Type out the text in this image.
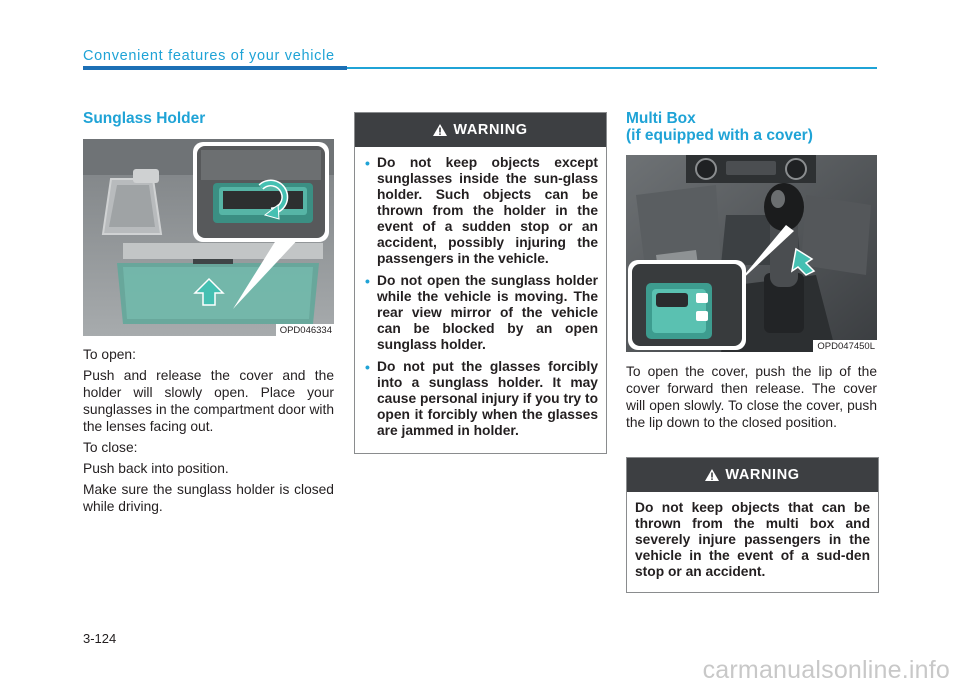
Convenient features of your vehicle
Sunglass Holder
OPD046334

To open:

Push and release the cover and the holder will slowly open. Place your sunglasses in the compartment door with the lenses facing out.

To close:

Push back into position.

Make sure the sunglass holder is closed while driving.

WARNING
• Do not keep objects except sunglasses inside the sun-glass holder. Such objects can be thrown from the holder in the event of a sudden stop or an accident, possibly injuring the passengers in the vehicle.
• Do not open the sunglass holder while the vehicle is moving. The rear view mirror of the vehicle can be blocked by an open sunglass holder.
• Do not put the glasses forcibly into a sunglass holder. It may cause personal injury if you try to open it forcibly when the glasses are jammed in holder.
Multi Box
(if equipped with a cover)
OPD047450L

To open the cover, push the lip of the cover forward then release. The cover will open slowly. To close the cover, push the lip down to the closed position.

WARNING
Do not keep objects that can be thrown from the multi box and severely injure passengers in the vehicle in the event of a sud-den stop or an accident.
3-124
carmanualsonline.info
